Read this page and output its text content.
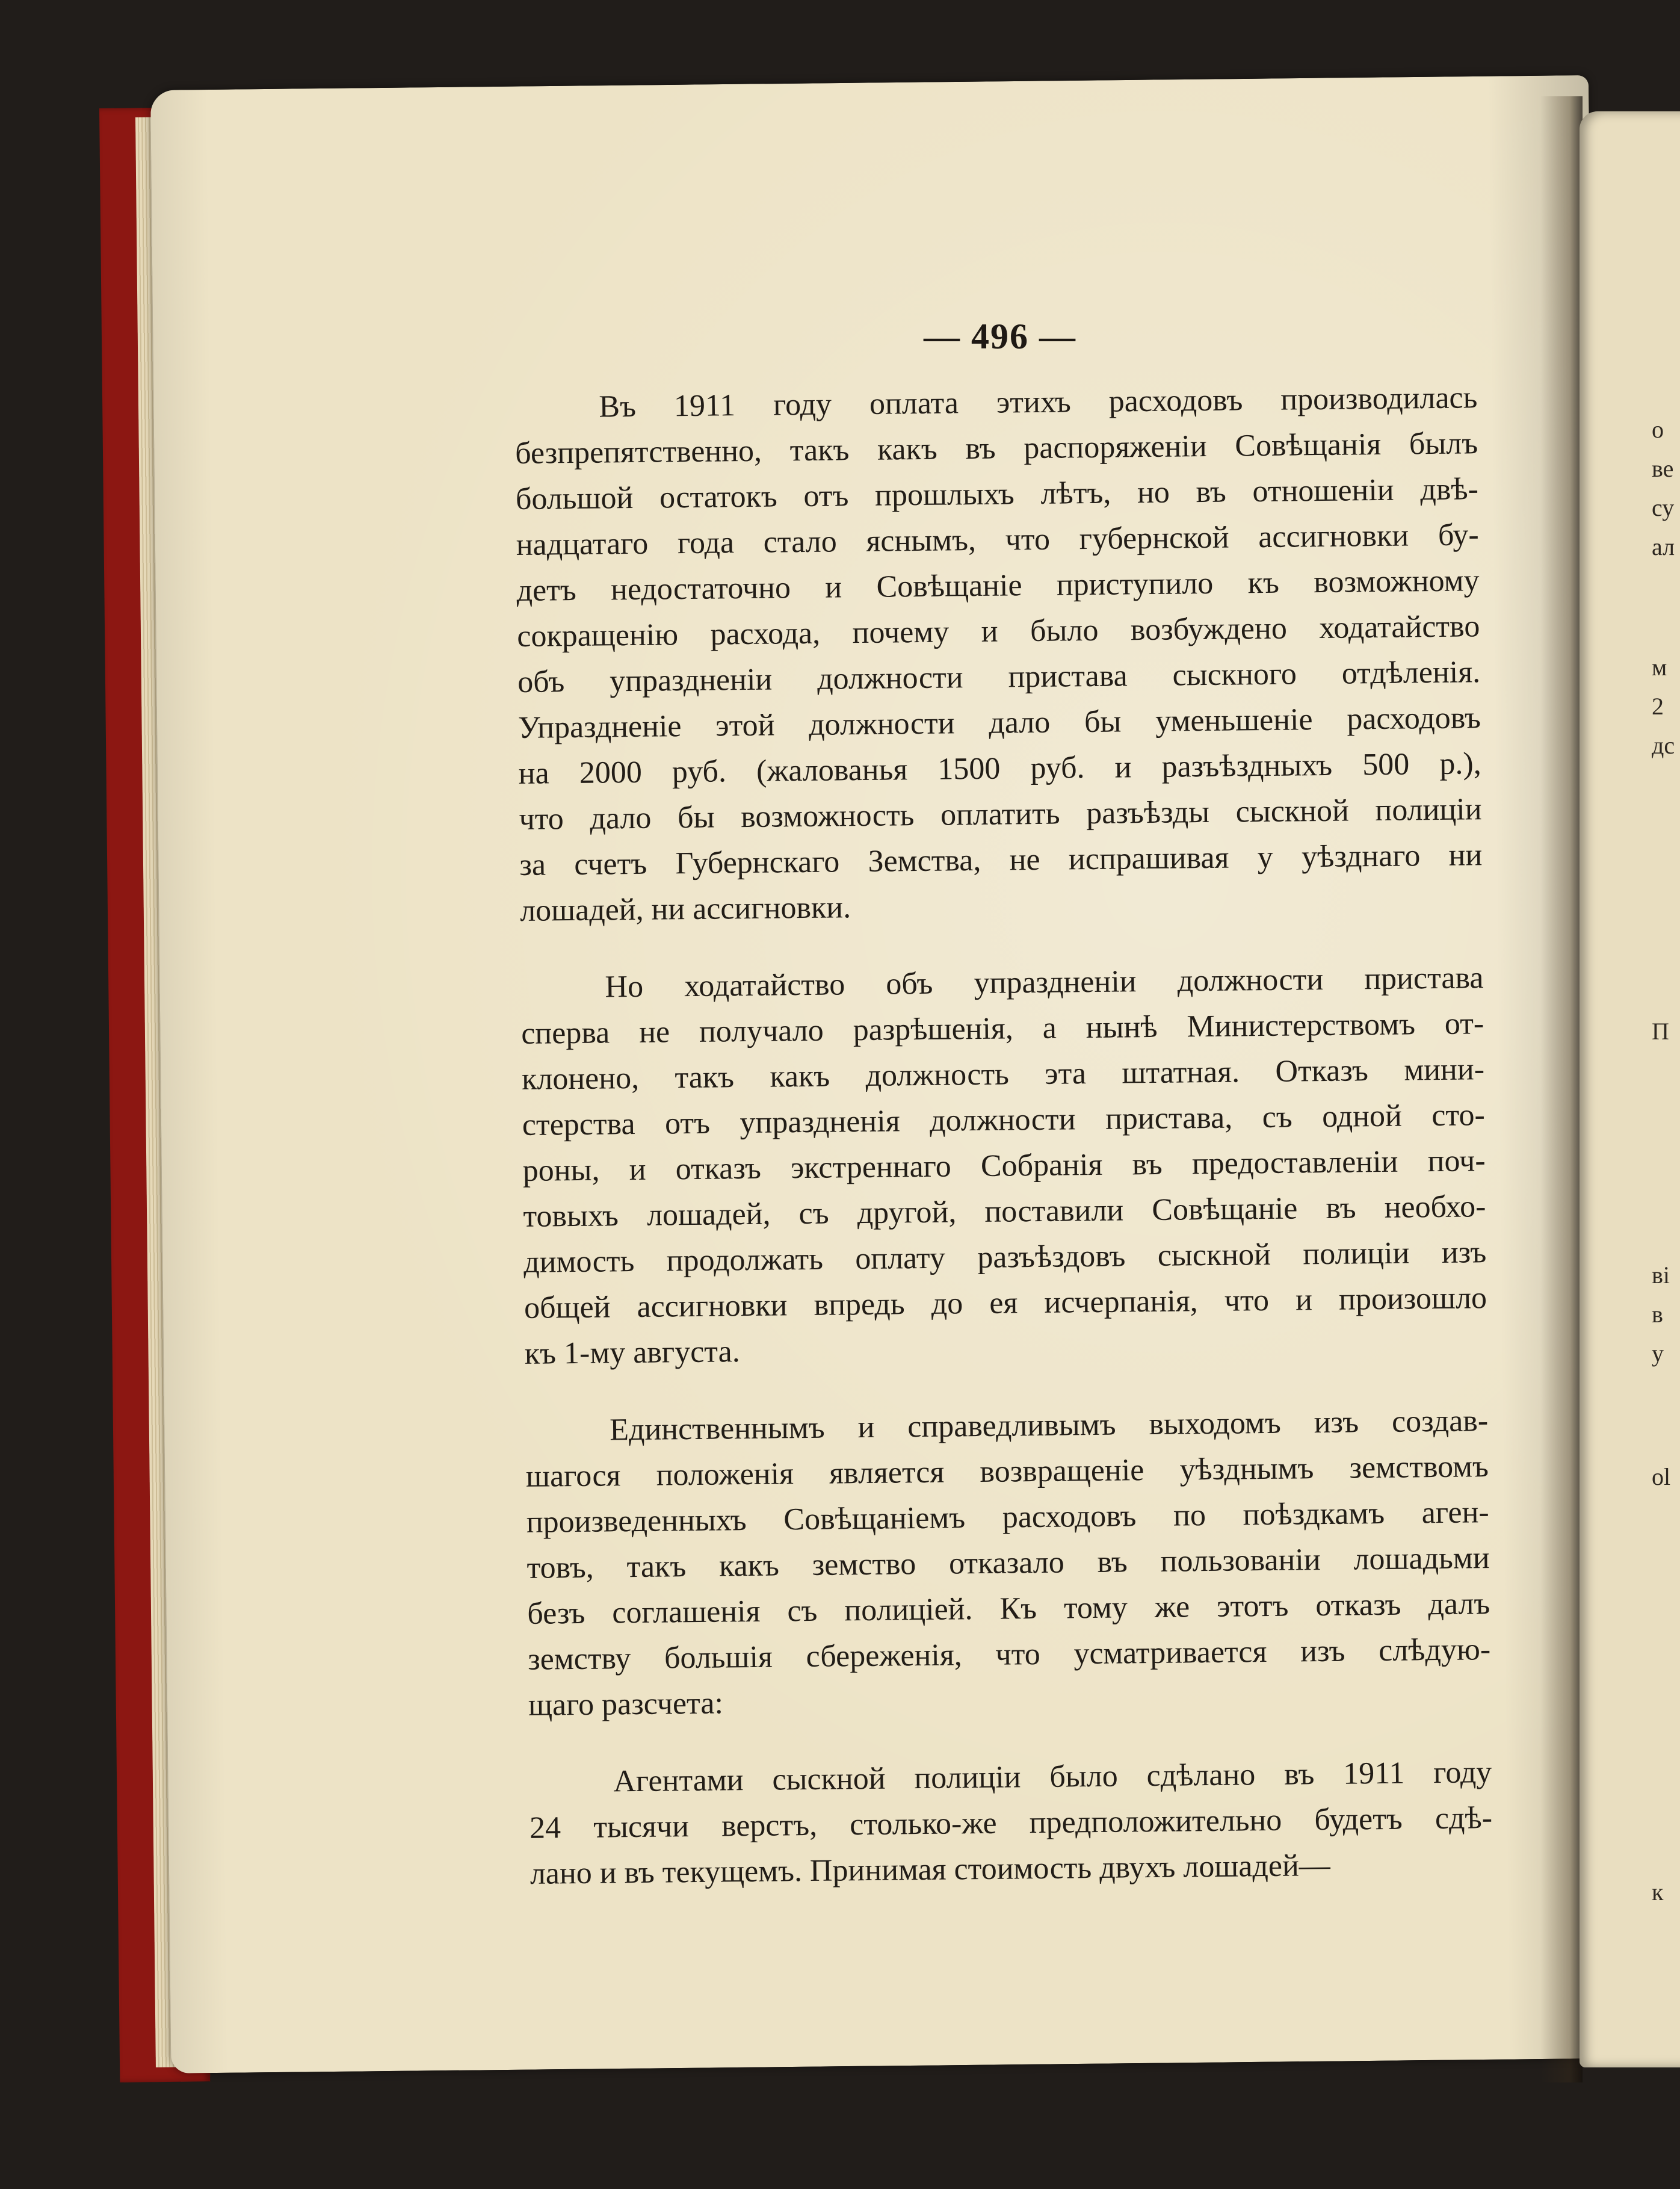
— 496 —
Въ 1911 году оплата этихъ расходовъ производилась
безпрепятственно, такъ какъ въ распоряженіи Совѣщанія былъ
большой остатокъ отъ прошлыхъ лѣтъ, но въ отношеніи двѣ-
надцатаго года стало яснымъ, что губернской ассигновки бу-
детъ недостаточно и Совѣщаніе приступило къ возможному
сокращенію расхода, почему и было возбуждено ходатайство
объ упраздненіи должности пристава сыскного отдѣленія.
Упраздненіе этой должности дало бы уменьшеніе расходовъ
на 2000 руб. (жалованья 1500 руб. и разъѣздныхъ 500 р.),
что дало бы возможность оплатить разъѣзды сыскной полиціи
за счетъ Губернскаго Земства, не испрашивая у уѣзднаго ни
лошадей, ни ассигновки.
Но ходатайство объ упраздненіи должности пристава
сперва не получало разрѣшенія, а нынѣ Министерствомъ от-
клонено, такъ какъ должность эта штатная. Отказъ мини-
стерства отъ упраздненія должности пристава, съ одной сто-
роны, и отказъ экстреннаго Собранія въ предоставленіи поч-
товыхъ лошадей, съ другой, поставили Совѣщаніе въ необхо-
димость продолжать оплату разъѣздовъ сыскной полиціи изъ
общей ассигновки впредь до ея исчерпанія, что и произошло
къ 1-му августа.
Единственнымъ и справедливымъ выходомъ изъ создав-
шагося положенія является возвращеніе уѣзднымъ земствомъ
произведенныхъ Совѣщаніемъ расходовъ по поѣздкамъ аген-
товъ, такъ какъ земство отказало въ пользованіи лошадьми
безъ соглашенія съ полиціей. Къ тому же этотъ отказъ далъ
земству большія сбереженія, что усматривается изъ слѣдую-
щаго разсчета:
Агентами сыскной полиціи было сдѣлано въ 1911 году
24 тысячи верстъ, столько-же предположительно будетъ сдѣ-
лано и въ текущемъ. Принимая стоимость двухъ лошадей—
о
ве
су
ал
м
2
дс
П
ві
в
у
ol
к
